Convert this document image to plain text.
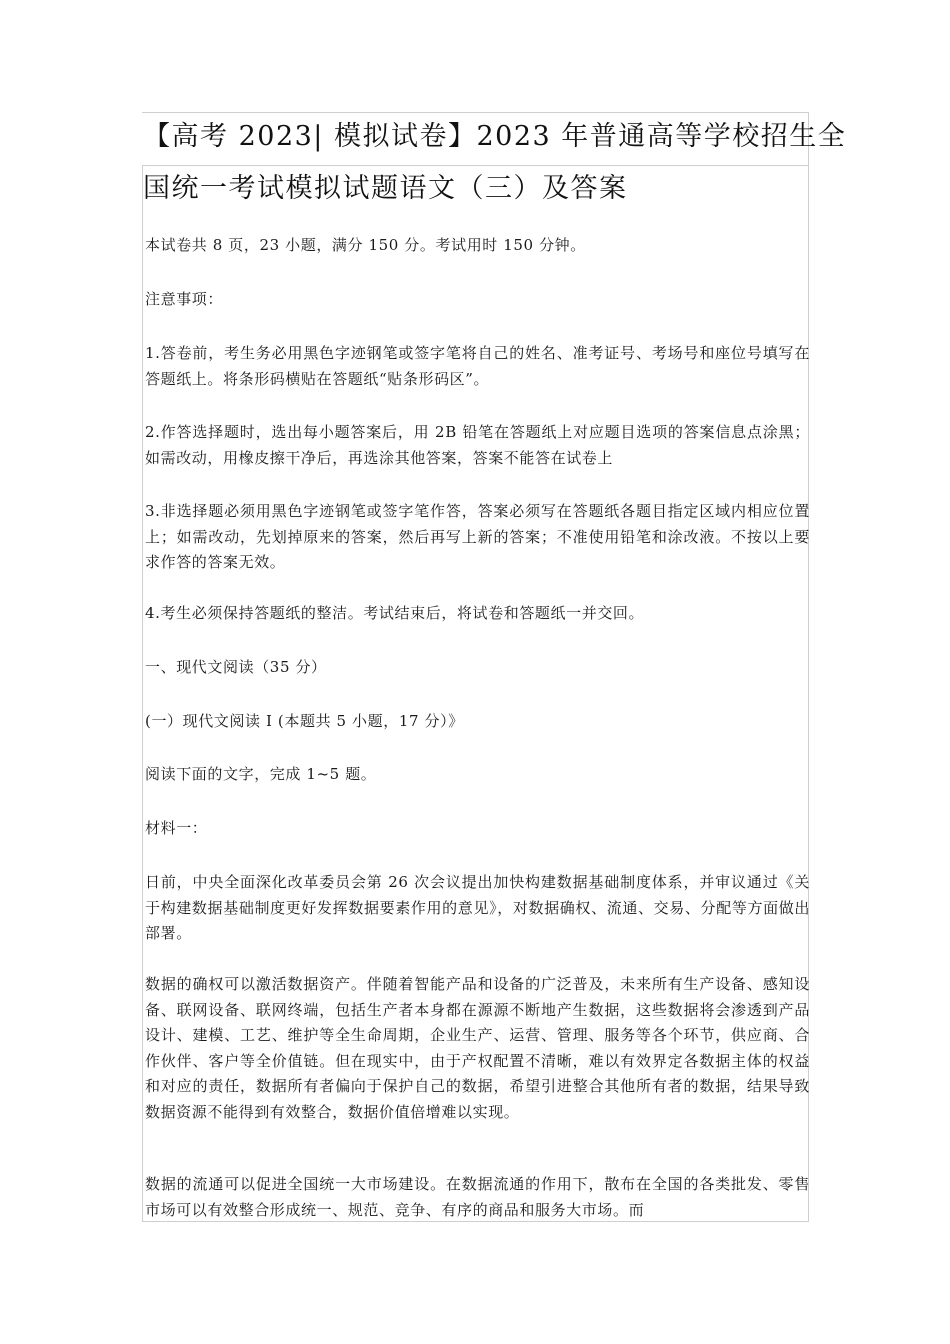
【高考 2023| 模拟试卷】2023 年普通高等学校招生全
国统一考试模拟试题语文（三）及答案
本试卷共 8 页，23 小题，满分 150 分。考试用时 150 分钟。
注意事项：
1.答卷前，考生务必用黑色字迹钢笔或签字笔将自己的姓名、准考证号、考场号和座位号填写在答题纸上。将条形码横贴在答题纸“贴条形码区”。
2.作答选择题时，选出每小题答案后，用 2B 铅笔在答题纸上对应题目选项的答案信息点涂黑；如需改动，用橡皮擦干净后，再选涂其他答案，答案不能答在试卷上
3.非选择题必须用黑色字迹钢笔或签字笔作答，答案必须写在答题纸各题目指定区域内相应位置上；如需改动，先划掉原来的答案，然后再写上新的答案；不准使用铅笔和涂改液。不按以上要求作答的答案无效。
4.考生必须保持答题纸的整洁。考试结束后，将试卷和答题纸一并交回。
一、现代文阅读（35 分）
(一）现代文阅读 I (本题共 5 小题，17 分）》
阅读下面的文字，完成 1~5 题。
材料一：
日前，中央全面深化改革委员会第 26 次会议提出加快构建数据基础制度体系，并审议通过《关于构建数据基础制度更好发挥数据要素作用的意见》，对数据确权、流通、交易、分配等方面做出部署。
数据的确权可以激活数据资产。伴随着智能产品和设备的广泛普及，未来所有生产设备、感知设备、联网设备、联网终端，包括生产者本身都在源源不断地产生数据，这些数据将会渗透到产品设计、建模、工艺、维护等全生命周期，企业生产、运营、管理、服务等各个环节，供应商、合作伙伴、客户等全价值链。但在现实中，由于产权配置不清晰，难以有效界定各数据主体的权益和对应的责任，数据所有者偏向于保护自己的数据，希望引进整合其他所有者的数据，结果导致数据资源不能得到有效整合，数据价值倍增难以实现。
数据的流通可以促进全国统一大市场建设。在数据流通的作用下，散布在全国的各类批发、零售市场可以有效整合形成统一、规范、竞争、有序的商品和服务大市场。而
